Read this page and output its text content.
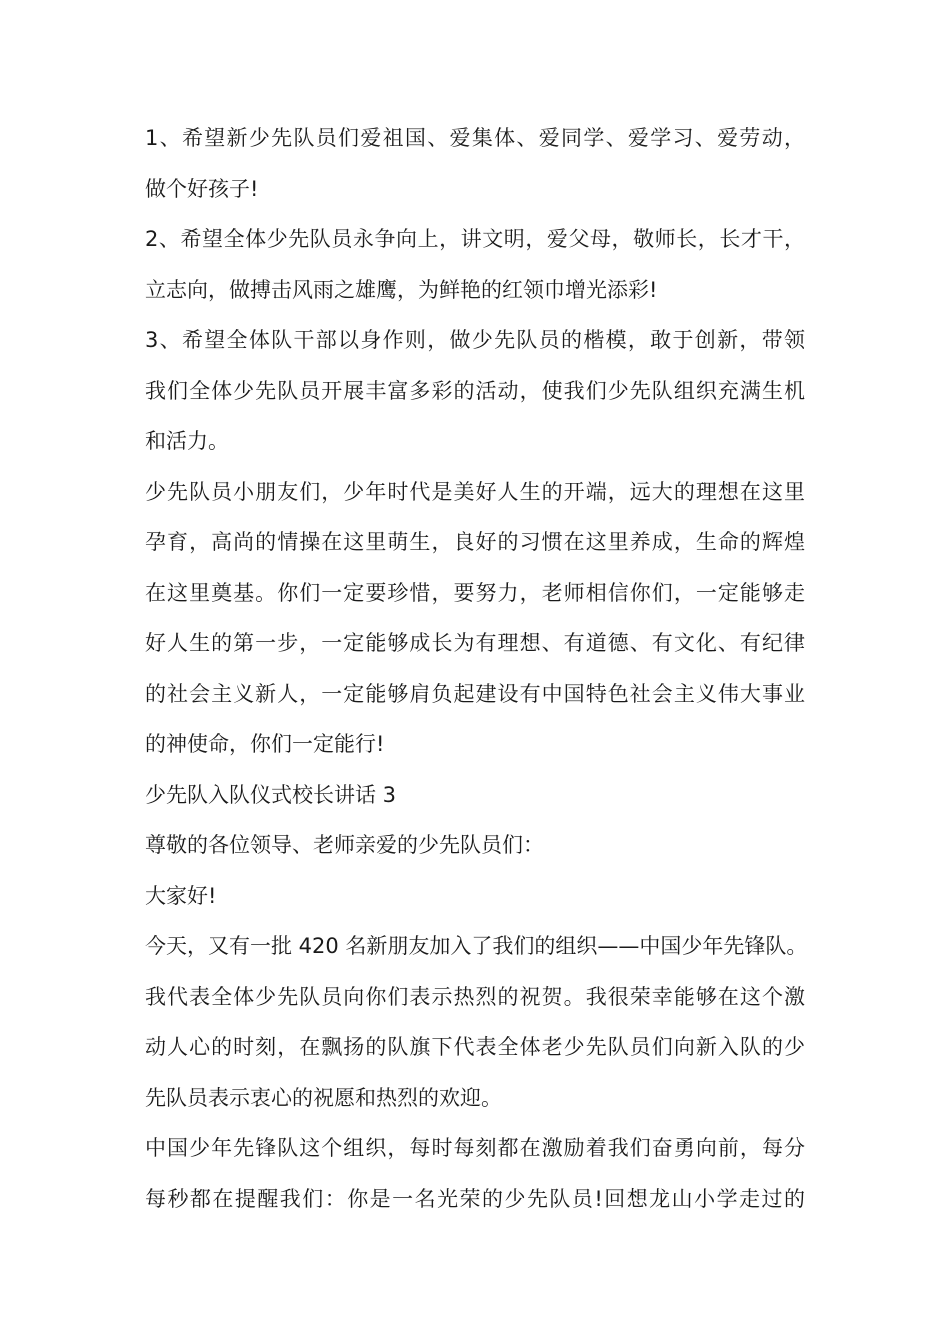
1、希望新少先队员们爱祖国、爱集体、爱同学、爱学习、爱劳动，
做个好孩子!
2、希望全体少先队员永争向上，讲文明，爱父母，敬师长，长才干，
立志向，做搏击风雨之雄鹰，为鲜艳的红领巾增光添彩!
3、希望全体队干部以身作则，做少先队员的楷模，敢于创新，带领
我们全体少先队员开展丰富多彩的活动，使我们少先队组织充满生机
和活力。
少先队员小朋友们，少年时代是美好人生的开端，远大的理想在这里
孕育，高尚的情操在这里萌生，良好的习惯在这里养成，生命的辉煌
在这里奠基。你们一定要珍惜，要努力，老师相信你们，一定能够走
好人生的第一步，一定能够成长为有理想、有道德、有文化、有纪律
的社会主义新人，一定能够肩负起建设有中国特色社会主义伟大事业
的神使命，你们一定能行!
少先队入队仪式校长讲话 3
尊敬的各位领导、老师亲爱的少先队员们：
大家好!
今天，又有一批 420 名新朋友加入了我们的组织——中国少年先锋队。
我代表全体少先队员向你们表示热烈的祝贺。我很荣幸能够在这个激
动人心的时刻，在飘扬的队旗下代表全体老少先队员们向新入队的少
先队员表示衷心的祝愿和热烈的欢迎。
中国少年先锋队这个组织，每时每刻都在激励着我们奋勇向前，每分
每秒都在提醒我们：你是一名光荣的少先队员!回想龙山小学走过的
